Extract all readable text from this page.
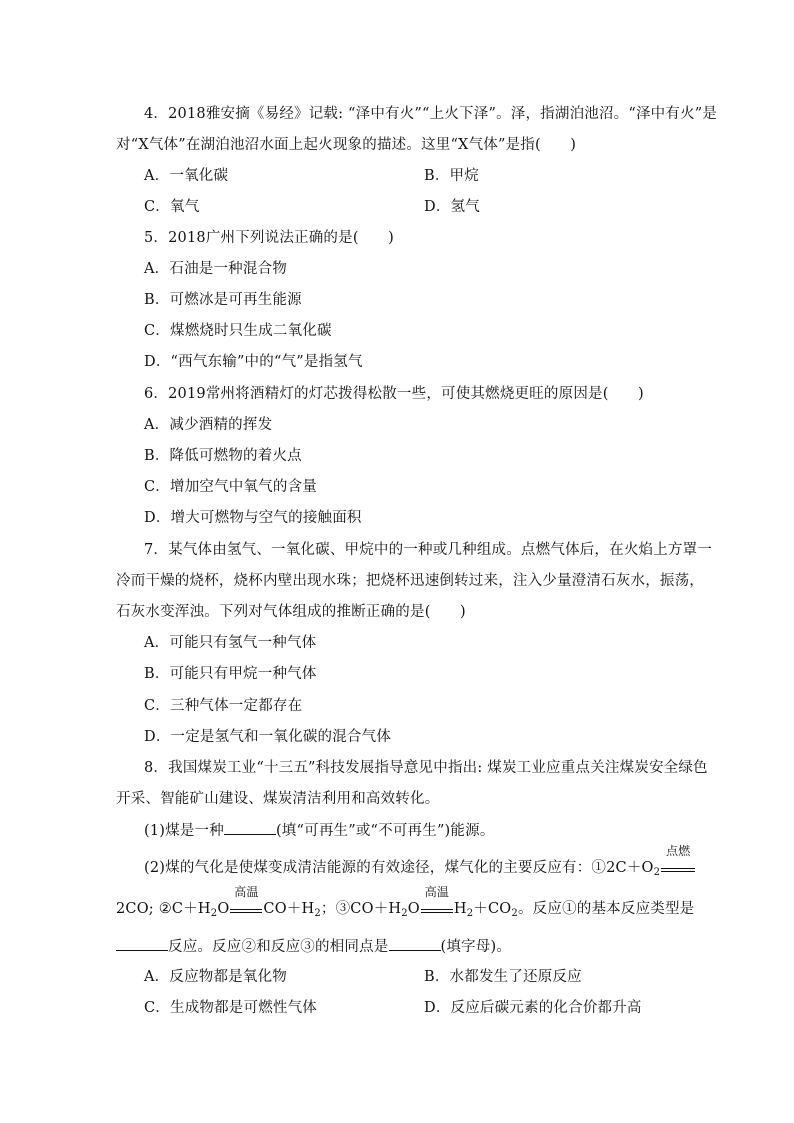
4．2018雅安摘《易经》记载: “泽中有火”“上火下泽”。泽，指湖泊池沼。“泽中有火”是
对“X气体”在湖泊池沼水面上起火现象的描述。这里“X气体”是指(　　)
A．一氧化碳	B．甲烷
C．氧气	D．氢气
5．2018广州下列说法正确的是(　　)
A．石油是一种混合物
B．可燃冰是可再生能源
C．煤燃烧时只生成二氧化碳
D．“西气东输”中的“气”是指氢气
6．2019常州将酒精灯的灯芯拨得松散一些，可使其燃烧更旺的原因是(　　)
A．减少酒精的挥发
B．降低可燃物的着火点
C．增加空气中氧气的含量
D．增大可燃物与空气的接触面积
7．某气体由氢气、一氧化碳、甲烷中的一种或几种组成。点燃气体后，在火焰上方罩一
冷而干燥的烧杯，烧杯内壁出现水珠；把烧杯迅速倒转过来，注入少量澄清石灰水，振荡，
石灰水变浑浊。下列对气体组成的推断正确的是(　　)
A．可能只有氢气一种气体
B．可能只有甲烷一种气体
C．三种气体一定都存在
D．一定是氢气和一氧化碳的混合气体
8．我国煤炭工业“十三五”科技发展指导意见中指出: 煤炭工业应重点关注煤炭安全绿色
开采、智能矿山建设、煤炭清洁利用和高效转化。
(1)煤是一种	(填“可再生”或“不可再生”)能源。
(2)煤的气化是使煤变成清洁能源的有效途径，煤气化的主要反应有：$①2C+O_2$
点燃
2CO; $②C+H_2O$
高温
$CO+H_2$；$③CO+H_2O$
高温
$H_2+CO_2$。反应①的基本反应类型是
反应。反应②和反应③的相同点是	(填字母)。
A．反应物都是氧化物	B．水都发生了还原反应
C．生成物都是可燃性气体	D．反应后碳元素的化合价都升高
